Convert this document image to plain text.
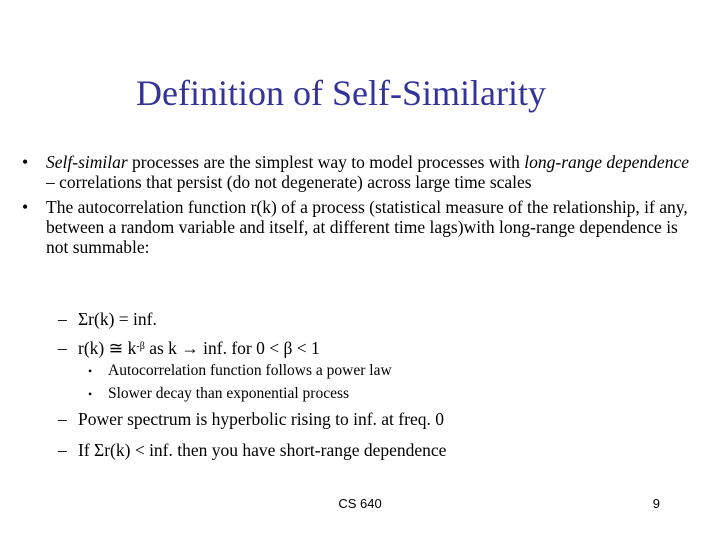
Definition of Self-Similarity
• Self-similar processes are the simplest way to model processes with long-range dependence – correlations that persist (do not degenerate) across large time scales
• The autocorrelation function r(k) of a process (statistical measure of the relationship, if any, between a random variable and itself, at different time lags)with long-range dependence is not summable:
– Σr(k) = inf.
– r(k) ≅ $k^{-\beta}$ as k → inf. for 0 < β < 1
• Autocorrelation function follows a power law
• Slower decay than exponential process
– Power spectrum is hyperbolic rising to inf. at freq. 0
– If Σr(k) < inf. then you have short-range dependence
CS 640	9
